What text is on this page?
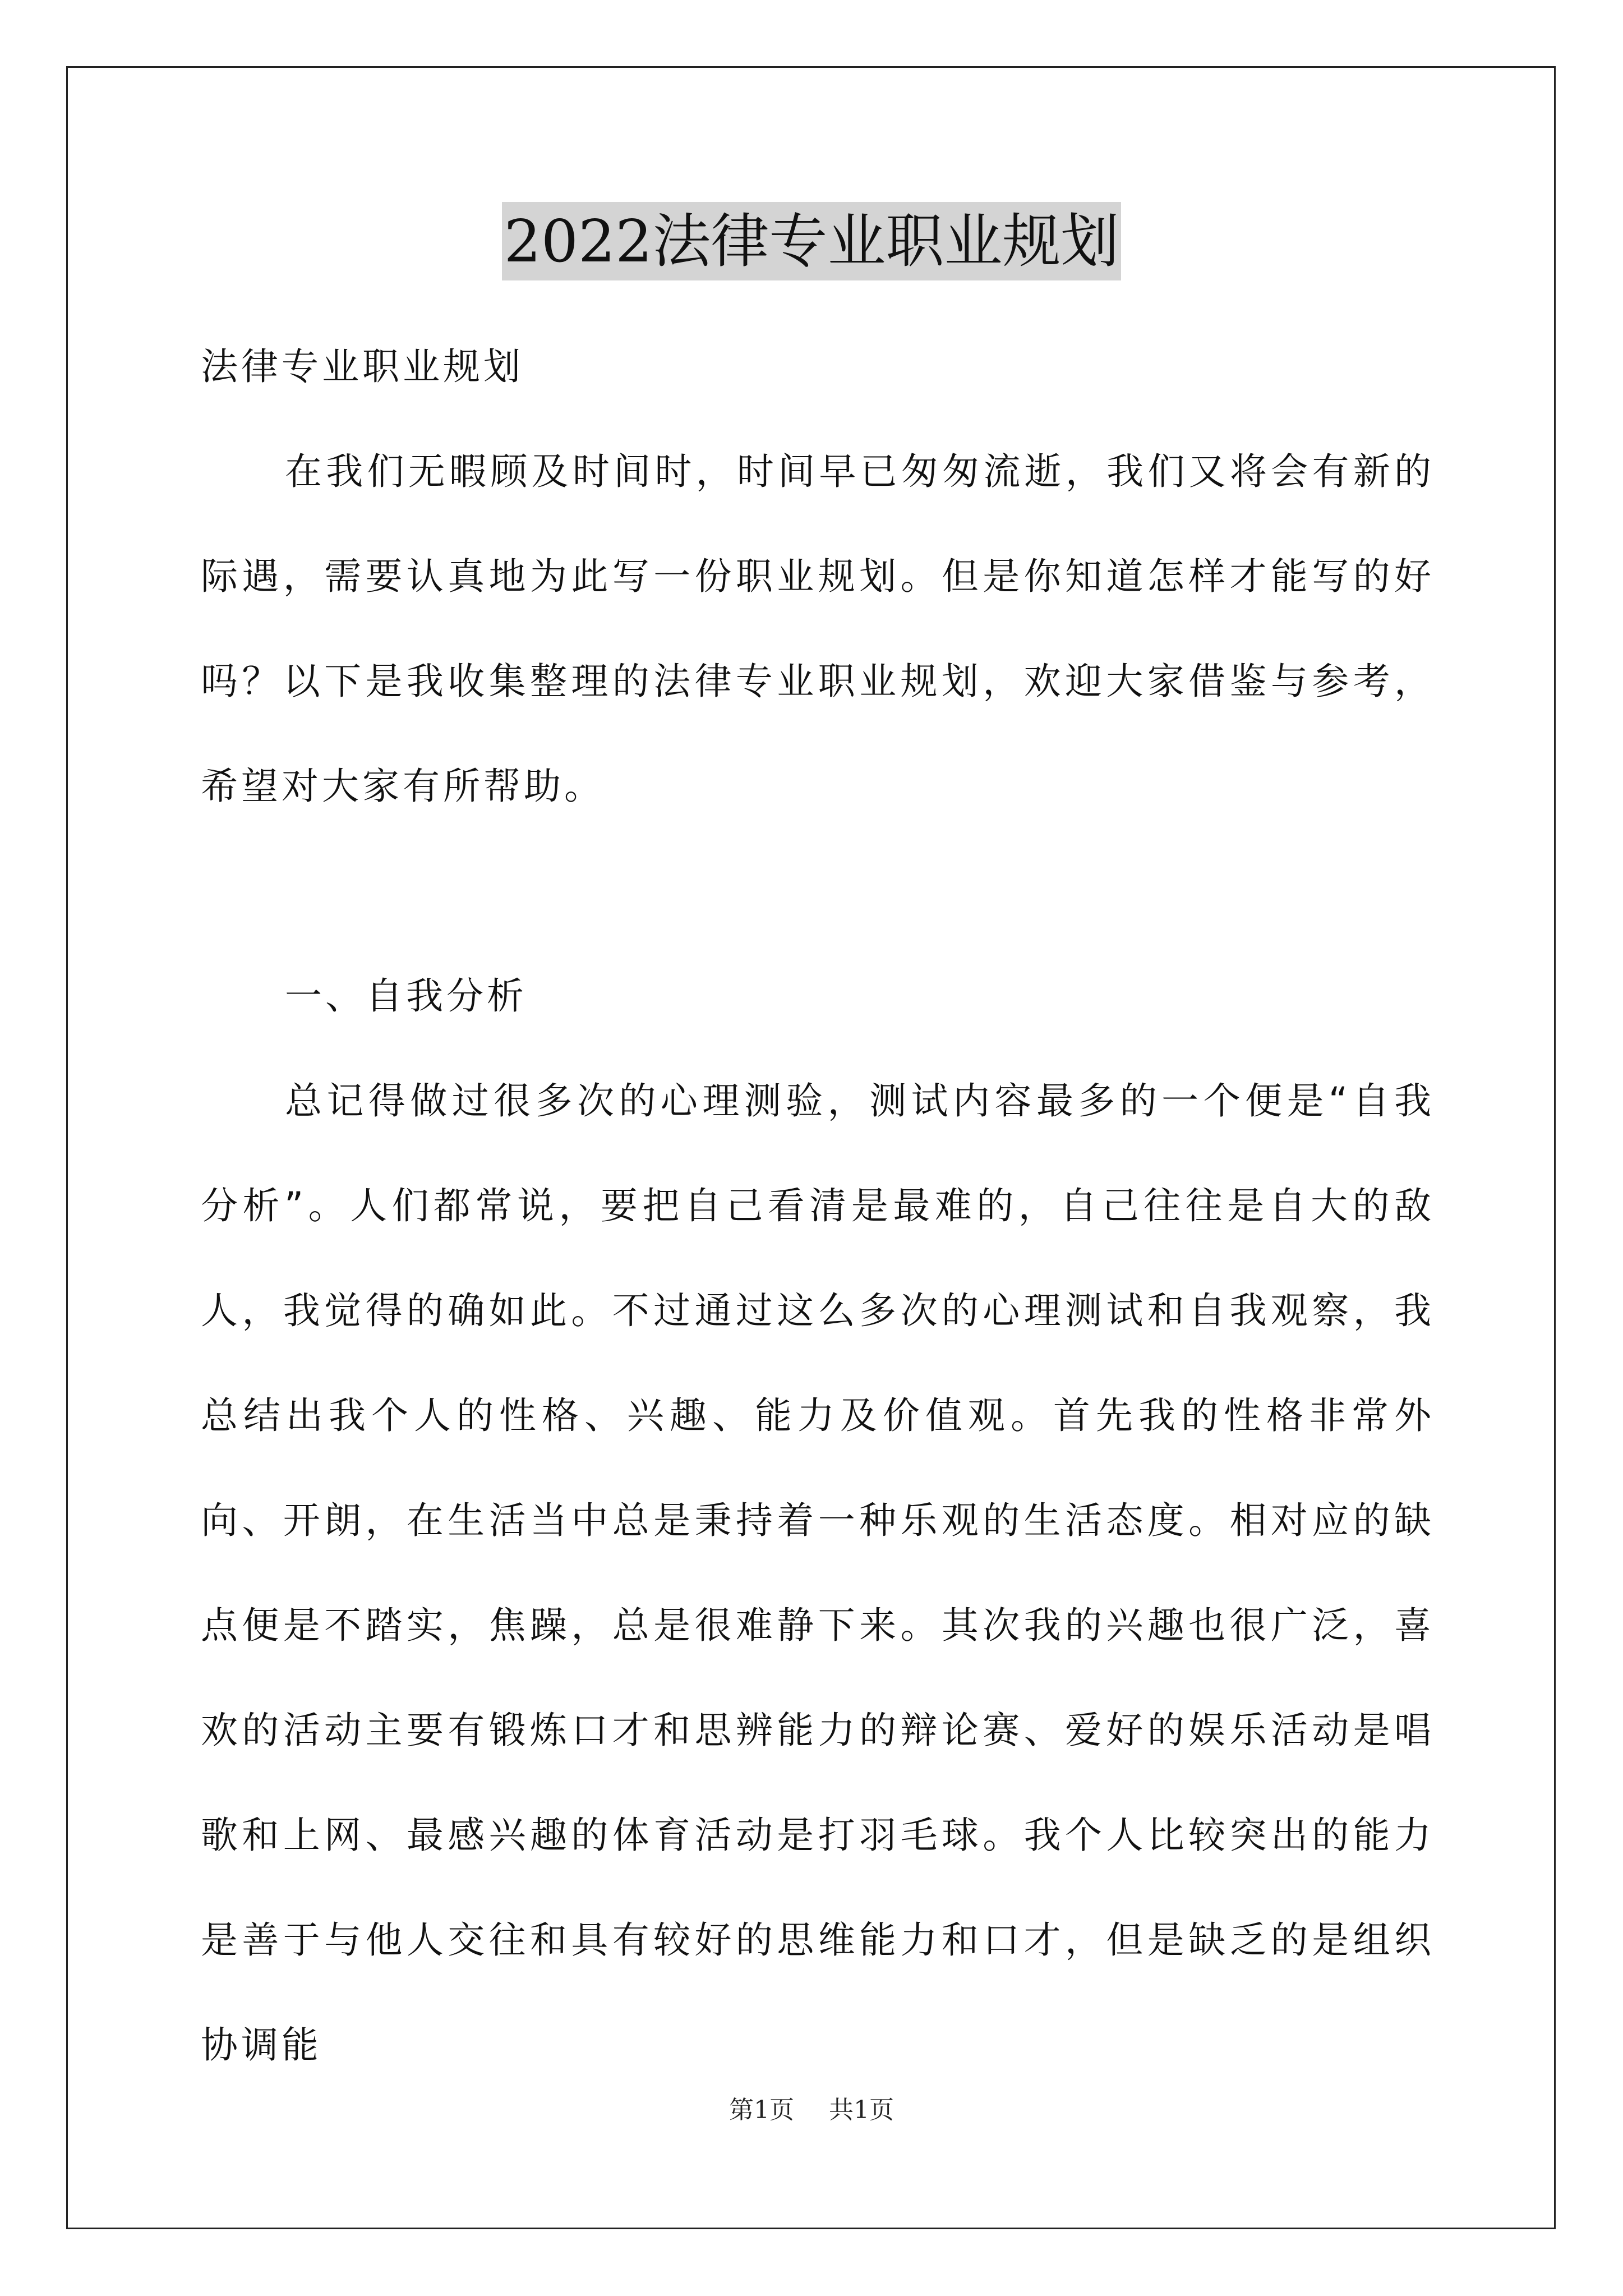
2022法律专业职业规划

法律专业职业规划

在我们无暇顾及时间时，时间早已匆匆流逝，我们又将会有新的际遇，需要认真地为此写一份职业规划。但是你知道怎样才能写的好吗？以下是我收集整理的法律专业职业规划，欢迎大家借鉴与参考，希望对大家有所帮助。

一、自我分析

总记得做过很多次的心理测验，测试内容最多的一个便是“自我分析”。人们都常说，要把自己看清是最难的，自己往往是自大的敌人，我觉得的确如此。不过通过这么多次的心理测试和自我观察，我总结出我个人的性格、兴趣、能力及价值观。首先我的性格非常外向、开朗，在生活当中总是秉持着一种乐观的生活态度。相对应的缺点便是不踏实，焦躁，总是很难静下来。其次我的兴趣也很广泛，喜欢的活动主要有锻炼口才和思辨能力的辩论赛、爱好的娱乐活动是唱歌和上网、最感兴趣的体育活动是打羽毛球。我个人比较突出的能力是善于与他人交往和具有较好的思维能力和口才，但是缺乏的是组织协调能

第1页 共1页
